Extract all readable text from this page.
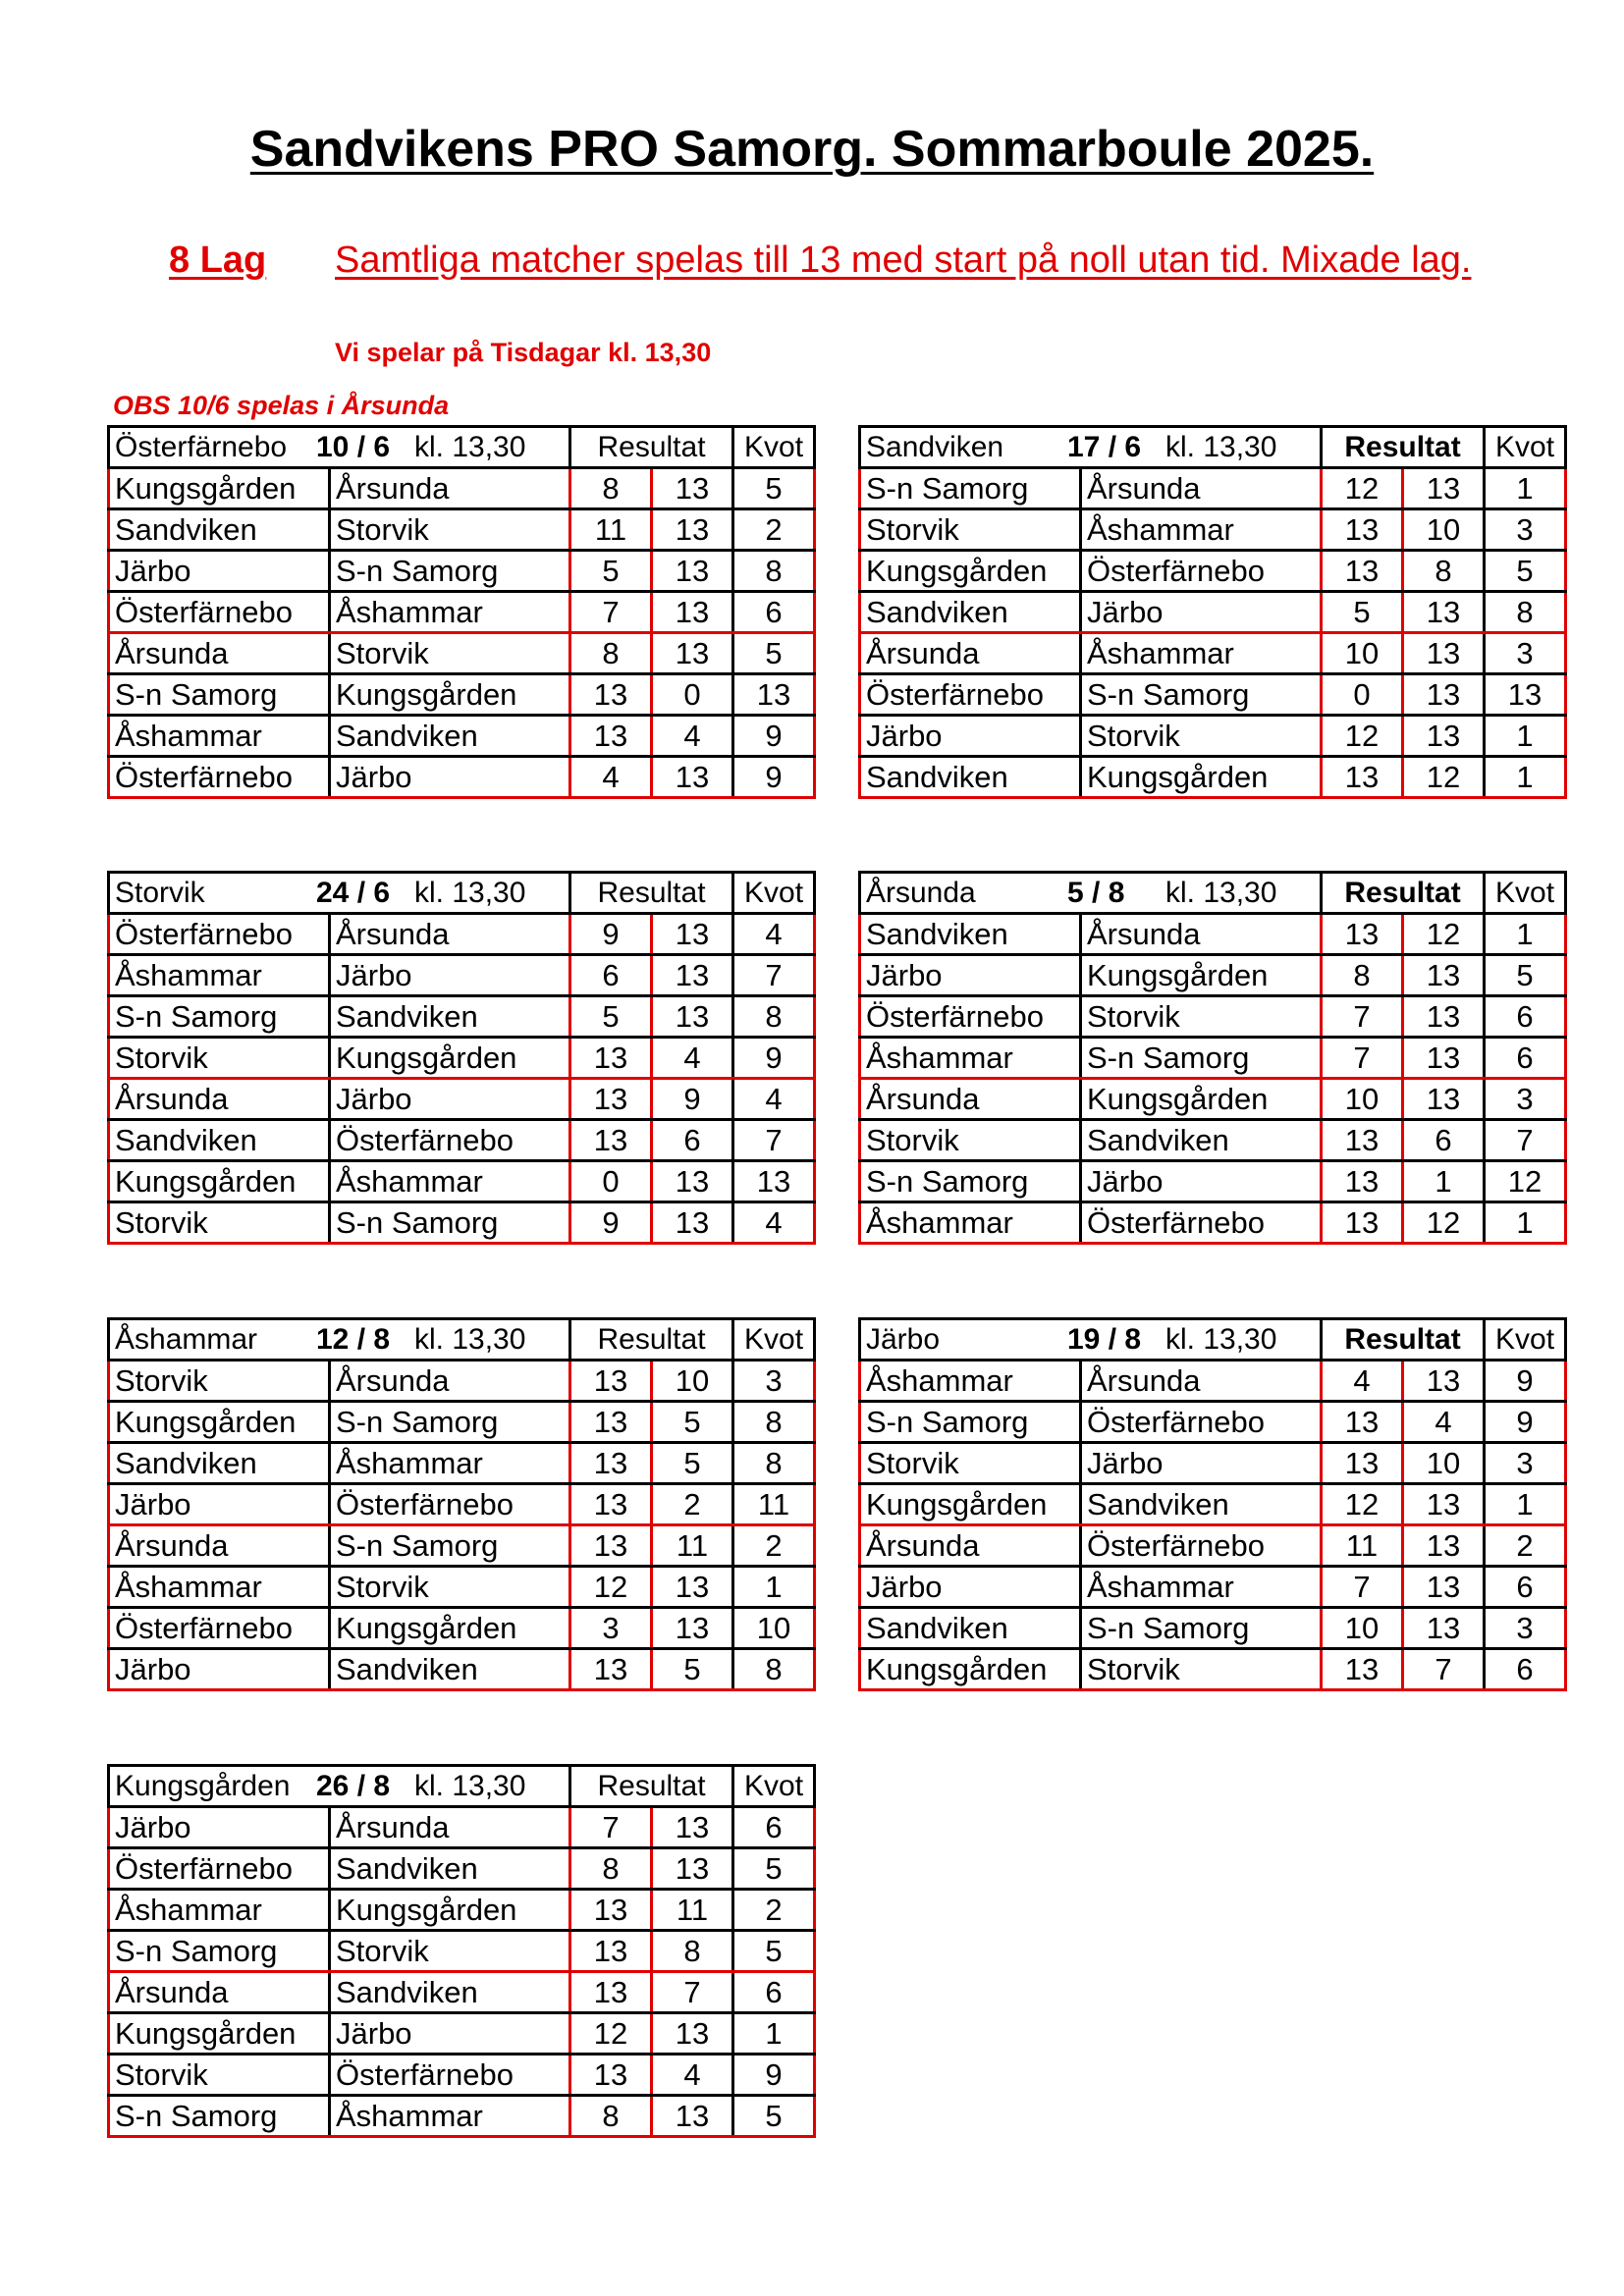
Sandvikens PRO Samorg. Sommarboule 2025.
8 Lag Samtliga matcher spelas till 13 med start på noll utan tid. Mixade lag.
Vi spelar på Tisdagar kl. 13,30
OBS 10/6 spelas i Årsunda
Österfärnebo 10 / 6 kl. 13,30		Resultat		Kvot
Kungsgården	Årsunda	8	13	5
Sandviken	Storvik	11	13	2
Järbo	S-n Samorg	5	13	8
Österfärnebo	Åshammar	7	13	6
Årsunda	Storvik	8	13	5
S-n Samorg	Kungsgården	13	0	13
Åshammar	Sandviken	13	4	9
Österfärnebo	Järbo	4	13	9
Sandviken 17 / 6 kl. 13,30		Resultat		Kvot
S-n Samorg	Årsunda	12	13	1
Storvik	Åshammar	13	10	3
Kungsgården	Österfärnebo	13	8	5
Sandviken	Järbo	5	13	8
Årsunda	Åshammar	10	13	3
Österfärnebo	S-n Samorg	0	13	13
Järbo	Storvik	12	13	1
Sandviken	Kungsgården	13	12	1
Storvik 24 / 6 kl. 13,30		Resultat		Kvot
Österfärnebo	Årsunda	9	13	4
Åshammar	Järbo	6	13	7
S-n Samorg	Sandviken	5	13	8
Storvik	Kungsgården	13	4	9
Årsunda	Järbo	13	9	4
Sandviken	Österfärnebo	13	6	7
Kungsgården	Åshammar	0	13	13
Storvik	S-n Samorg	9	13	4
Årsunda 5 / 8 kl. 13,30		Resultat		Kvot
Sandviken	Årsunda	13	12	1
Järbo	Kungsgården	8	13	5
Österfärnebo	Storvik	7	13	6
Åshammar	S-n Samorg	7	13	6
Årsunda	Kungsgården	10	13	3
Storvik	Sandviken	13	6	7
S-n Samorg	Järbo	13	1	12
Åshammar	Österfärnebo	13	12	1
Åshammar 12 / 8 kl. 13,30		Resultat		Kvot
Storvik	Årsunda	13	10	3
Kungsgården	S-n Samorg	13	5	8
Sandviken	Åshammar	13	5	8
Järbo	Österfärnebo	13	2	11
Årsunda	S-n Samorg	13	11	2
Åshammar	Storvik	12	13	1
Österfärnebo	Kungsgården	3	13	10
Järbo	Sandviken	13	5	8
Järbo 19 / 8 kl. 13,30		Resultat		Kvot
Åshammar	Årsunda	4	13	9
S-n Samorg	Österfärnebo	13	4	9
Storvik	Järbo	13	10	3
Kungsgården	Sandviken	12	13	1
Årsunda	Österfärnebo	11	13	2
Järbo	Åshammar	7	13	6
Sandviken	S-n Samorg	10	13	3
Kungsgården	Storvik	13	7	6
Kungsgården 26 / 8 kl. 13,30		Resultat		Kvot
Järbo	Årsunda	7	13	6
Österfärnebo	Sandviken	8	13	5
Åshammar	Kungsgården	13	11	2
S-n Samorg	Storvik	13	8	5
Årsunda	Sandviken	13	7	6
Kungsgården	Järbo	12	13	1
Storvik	Österfärnebo	13	4	9
S-n Samorg	Åshammar	8	13	5
